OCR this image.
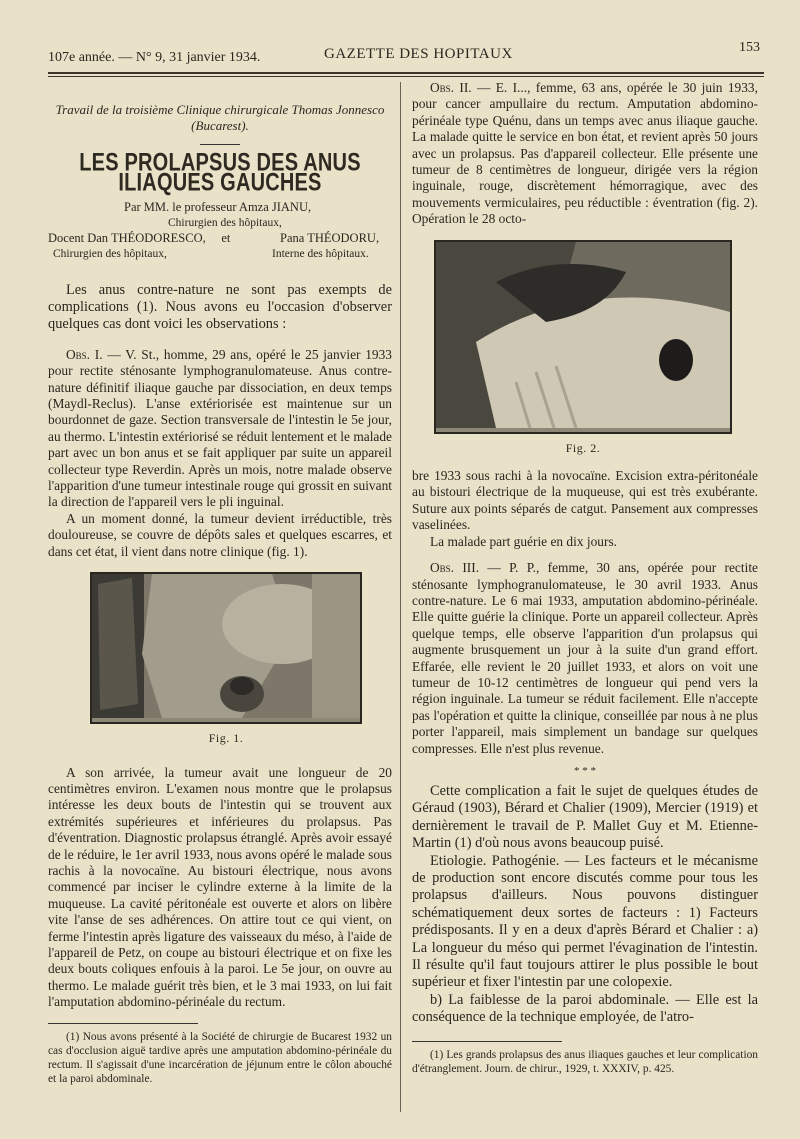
107e année. — N° 9, 31 janvier 1934.	GAZETTE DES HOPITAUX	153

Travail de la troisième Clinique chirurgicale Thomas Jonnesco (Bucarest).

LES PROLAPSUS DES ANUS ILIAQUES GAUCHES

Par MM. le professeur Amza JIANU,
Chirurgien des hôpitaux,
Docent Dan THÉODORESCO, et
Chirurgien des hôpitaux,
Pana THÉODORU,
Interne des hôpitaux.

Les anus contre-nature ne sont pas exempts de complications (1). Nous avons eu l'occasion d'observer quelques cas dont voici les observations :

Obs. I. — V. St., homme, 29 ans, opéré le 25 janvier 1933 pour rectite sténosante lymphogranulomateuse. Anus contre-nature définitif iliaque gauche par dissociation, en deux temps (Maydl-Reclus). L'anse extériorisée est maintenue sur un bourdonnet de gaze. Section transversale de l'intestin le 5e jour, au thermo. L'intestin extériorisé se réduit lentement et le malade part avec un bon anus et se fait appliquer par suite un appareil collecteur type Reverdin. Après un mois, notre malade observe l'apparition d'une tumeur intestinale rouge qui grossit en suivant la direction de l'appareil vers le pli inguinal.

A un moment donné, la tumeur devient irréductible, très douloureuse, se couvre de dépôts sales et quelques escarres, et dans cet état, il vient dans notre clinique (fig. 1).

Fig. 1.

A son arrivée, la tumeur avait une longueur de 20 centimètres environ. L'examen nous montre que le prolapsus intéresse les deux bouts de l'intestin qui se trouvent aux extrémités supérieures et inférieures du prolapsus. Pas d'éventration. Diagnostic prolapsus étranglé. Après avoir essayé de le réduire, le 1er avril 1933, nous avons opéré le malade sous rachis à la novocaïne. Au bistouri électrique, nous avons commencé par inciser le cylindre externe à la limite de la muqueuse. La cavité péritonéale est ouverte et alors on libère vite l'anse de ses adhérences. On attire tout ce qui vient, on ferme l'intestin après ligature des vaisseaux du méso, à l'aide de l'appareil de Petz, on coupe au bistouri électrique et on fixe les deux bouts coliques enfouis à la paroi. Le 5e jour, on ouvre au thermo. Le malade guérit très bien, et le 3 mai 1933, on lui fait l'amputation abdomino-périnéale du rectum.

(1) Nous avons présenté à la Société de chirurgie de Bucarest 1932 un cas d'occlusion aiguë tardive après une amputation abdomino-périnéale du rectum. Il s'agissait d'une incarcération de jéjunum entre le côlon abouché et la paroi abdominale.

Obs. II. — E. I..., femme, 63 ans, opérée le 30 juin 1933, pour cancer ampullaire du rectum. Amputation abdomino-périnéale type Quénu, dans un temps avec anus iliaque gauche. La malade quitte le service en bon état, et revient après 50 jours avec un prolapsus. Pas d'appareil collecteur. Elle présente une tumeur de 8 centimètres de longueur, dirigée vers la région inguinale, rouge, discrètement hémorragique, avec des mouvements vermiculaires, peu réductible : éventration (fig. 2). Opération le 28 octo-

Fig. 2.

bre 1933 sous rachi à la novocaïne. Excision extra-péritonéale au bistouri électrique de la muqueuse, qui est très exubérante. Suture aux points séparés de catgut. Pansement aux compresses vaselinées.

La malade part guérie en dix jours.

Obs. III. — P. P., femme, 30 ans, opérée pour rectite sténosante lymphogranulomateuse, le 30 avril 1933. Anus contre-nature. Le 6 mai 1933, amputation abdomino-périnéale. Elle quitte guérie la clinique. Porte un appareil collecteur. Après quelque temps, elle observe l'apparition d'un prolapsus qui augmente brusquement un jour à la suite d'un grand effort. Effarée, elle revient le 20 juillet 1933, et alors on voit une tumeur de 10-12 centimètres de longueur qui pend vers la région inguinale. La tumeur se réduit facilement. Elle n'accepte pas l'opération et quitte la clinique, conseillée par nous à ne plus porter l'appareil, mais simplement un bandage sur quelques compresses. Elle n'est plus revenue.

* * *

Cette complication a fait le sujet de quelques études de Géraud (1903), Bérard et Chalier (1909), Mercier (1919) et dernièrement le travail de P. Mallet Guy et M. Etienne-Martin (1) d'où nous avons beaucoup puisé.

Etiologie. Pathogénie. — Les facteurs et le mécanisme de production sont encore discutés comme pour tous les prolapsus d'ailleurs. Nous pouvons distinguer schématiquement deux sortes de facteurs : 1) Facteurs prédisposants. Il y en a deux d'après Bérard et Chalier : a) La longueur du méso qui permet l'évagination de l'intestin. Il résulte qu'il faut toujours attirer le plus possible le bout supérieur et fixer l'intestin par une colopexie.

b) La faiblesse de la paroi abdominale. — Elle est la conséquence de la technique employée, de l'atro-

(1) Les grands prolapsus des anus iliaques gauches et leur complication d'étranglement. Journ. de chirur., 1929, t. XXXIV, p. 425.
